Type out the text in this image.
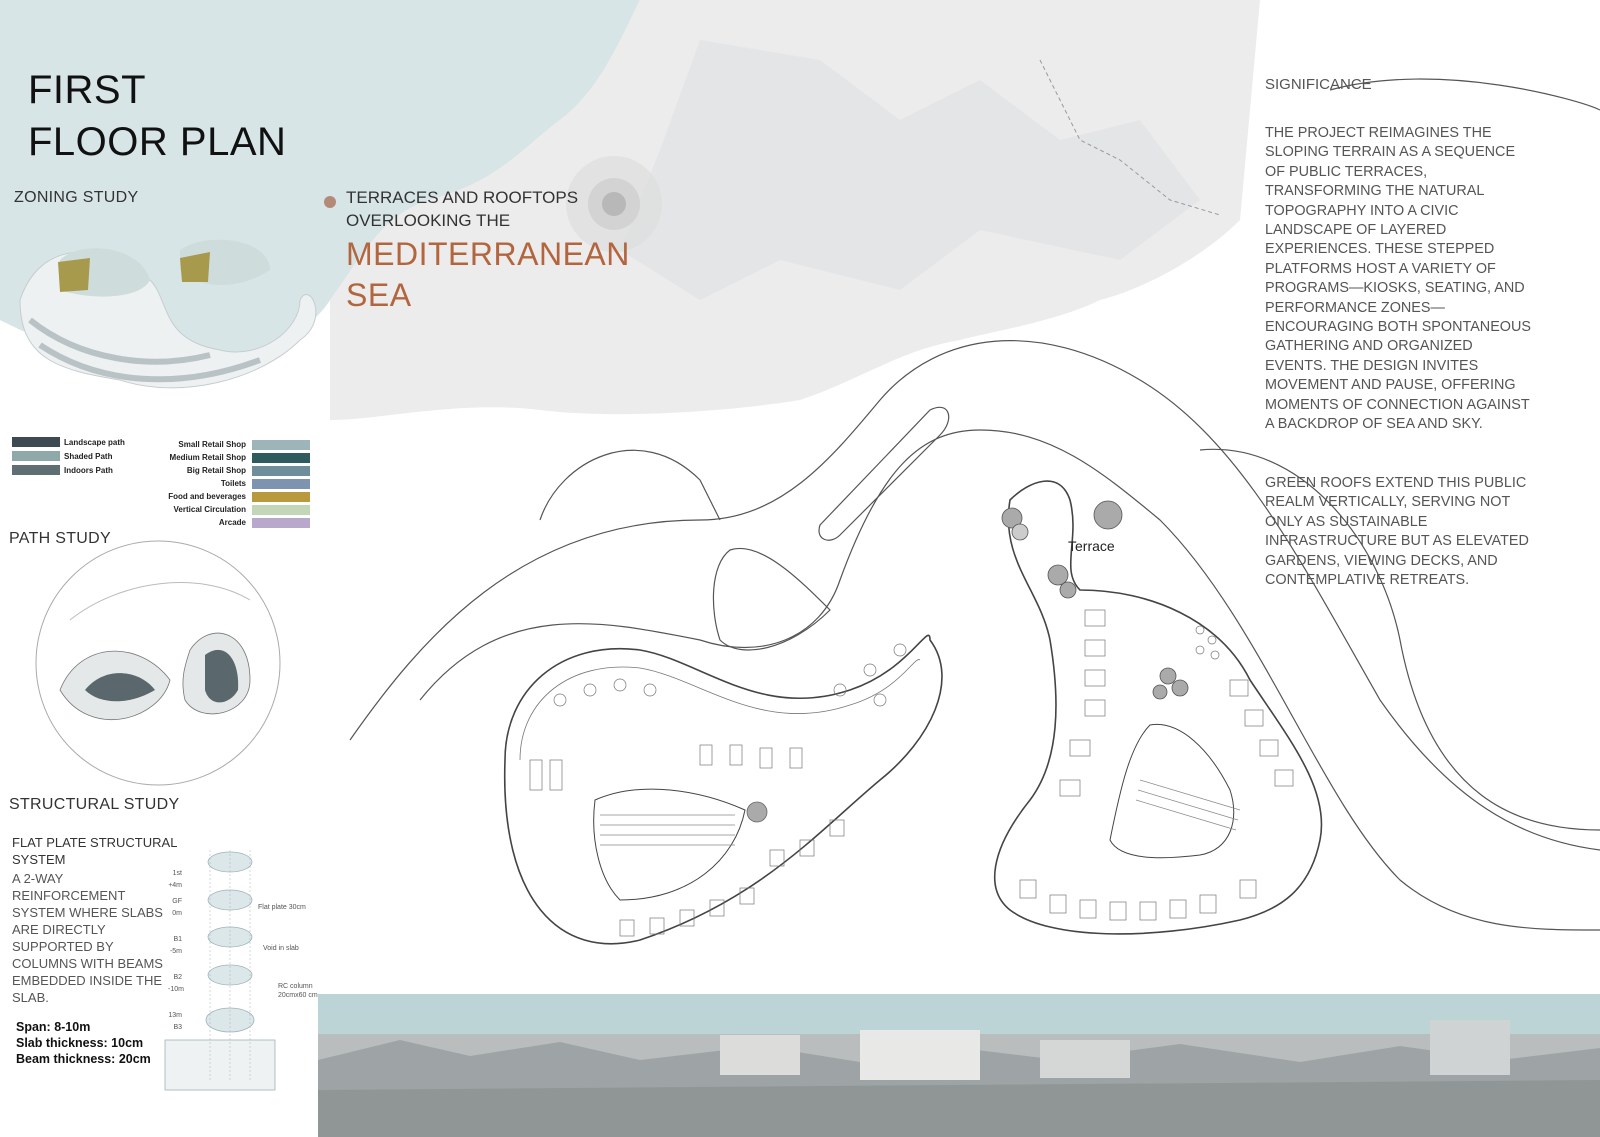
FIRST
FLOOR PLAN
ZONING STUDY	TERRACES AND ROOFTOPS
OVERLOOKING THE
MEDITERRANEAN
SEA
SIGNIFICANCE
THE PROJECT REIMAGINES THE SLOPING TERRAIN AS A SEQUENCE OF PUBLIC TERRACES, TRANSFORMING THE NATURAL TOPOGRAPHY INTO A CIVIC LANDSCAPE OF LAYERED EXPERIENCES. THESE STEPPED PLATFORMS HOST A VARIETY OF PROGRAMS—KIOSKS, SEATING, AND PERFORMANCE ZONES—ENCOURAGING BOTH SPONTANEOUS GATHERING AND ORGANIZED EVENTS. THE DESIGN INVITES MOVEMENT AND PAUSE, OFFERING MOMENTS OF CONNECTION AGAINST A BACKDROP OF SEA AND SKY.
GREEN ROOFS EXTEND THIS PUBLIC REALM VERTICALLY, SERVING NOT ONLY AS SUSTAINABLE INFRASTRUCTURE BUT AS ELEVATED GARDENS, VIEWING DECKS, AND CONTEMPLATIVE RETREATS.
Landscape path
Shaded Path
Indoors Path
Small Retail Shop
Medium Retail Shop
Big Retail Shop
Toilets
Food and beverages
Vertical Circulation
Arcade
PATH STUDY
STRUCTURAL STUDY
FLAT PLATE STRUCTURAL SYSTEM
A 2-WAY REINFORCEMENT SYSTEM WHERE SLABS ARE DIRECTLY SUPPORTED BY COLUMNS WITH BEAMS EMBEDDED INSIDE THE SLAB.
Span: 8-10m
Slab thickness: 10cm
Beam thickness: 20cm
1st
+4m
GF
0m
B1
-5m
B2
-10m
13m
B3
Flat plate 30cm
Void in slab
RC column 20cmx60 cm
Terrace
